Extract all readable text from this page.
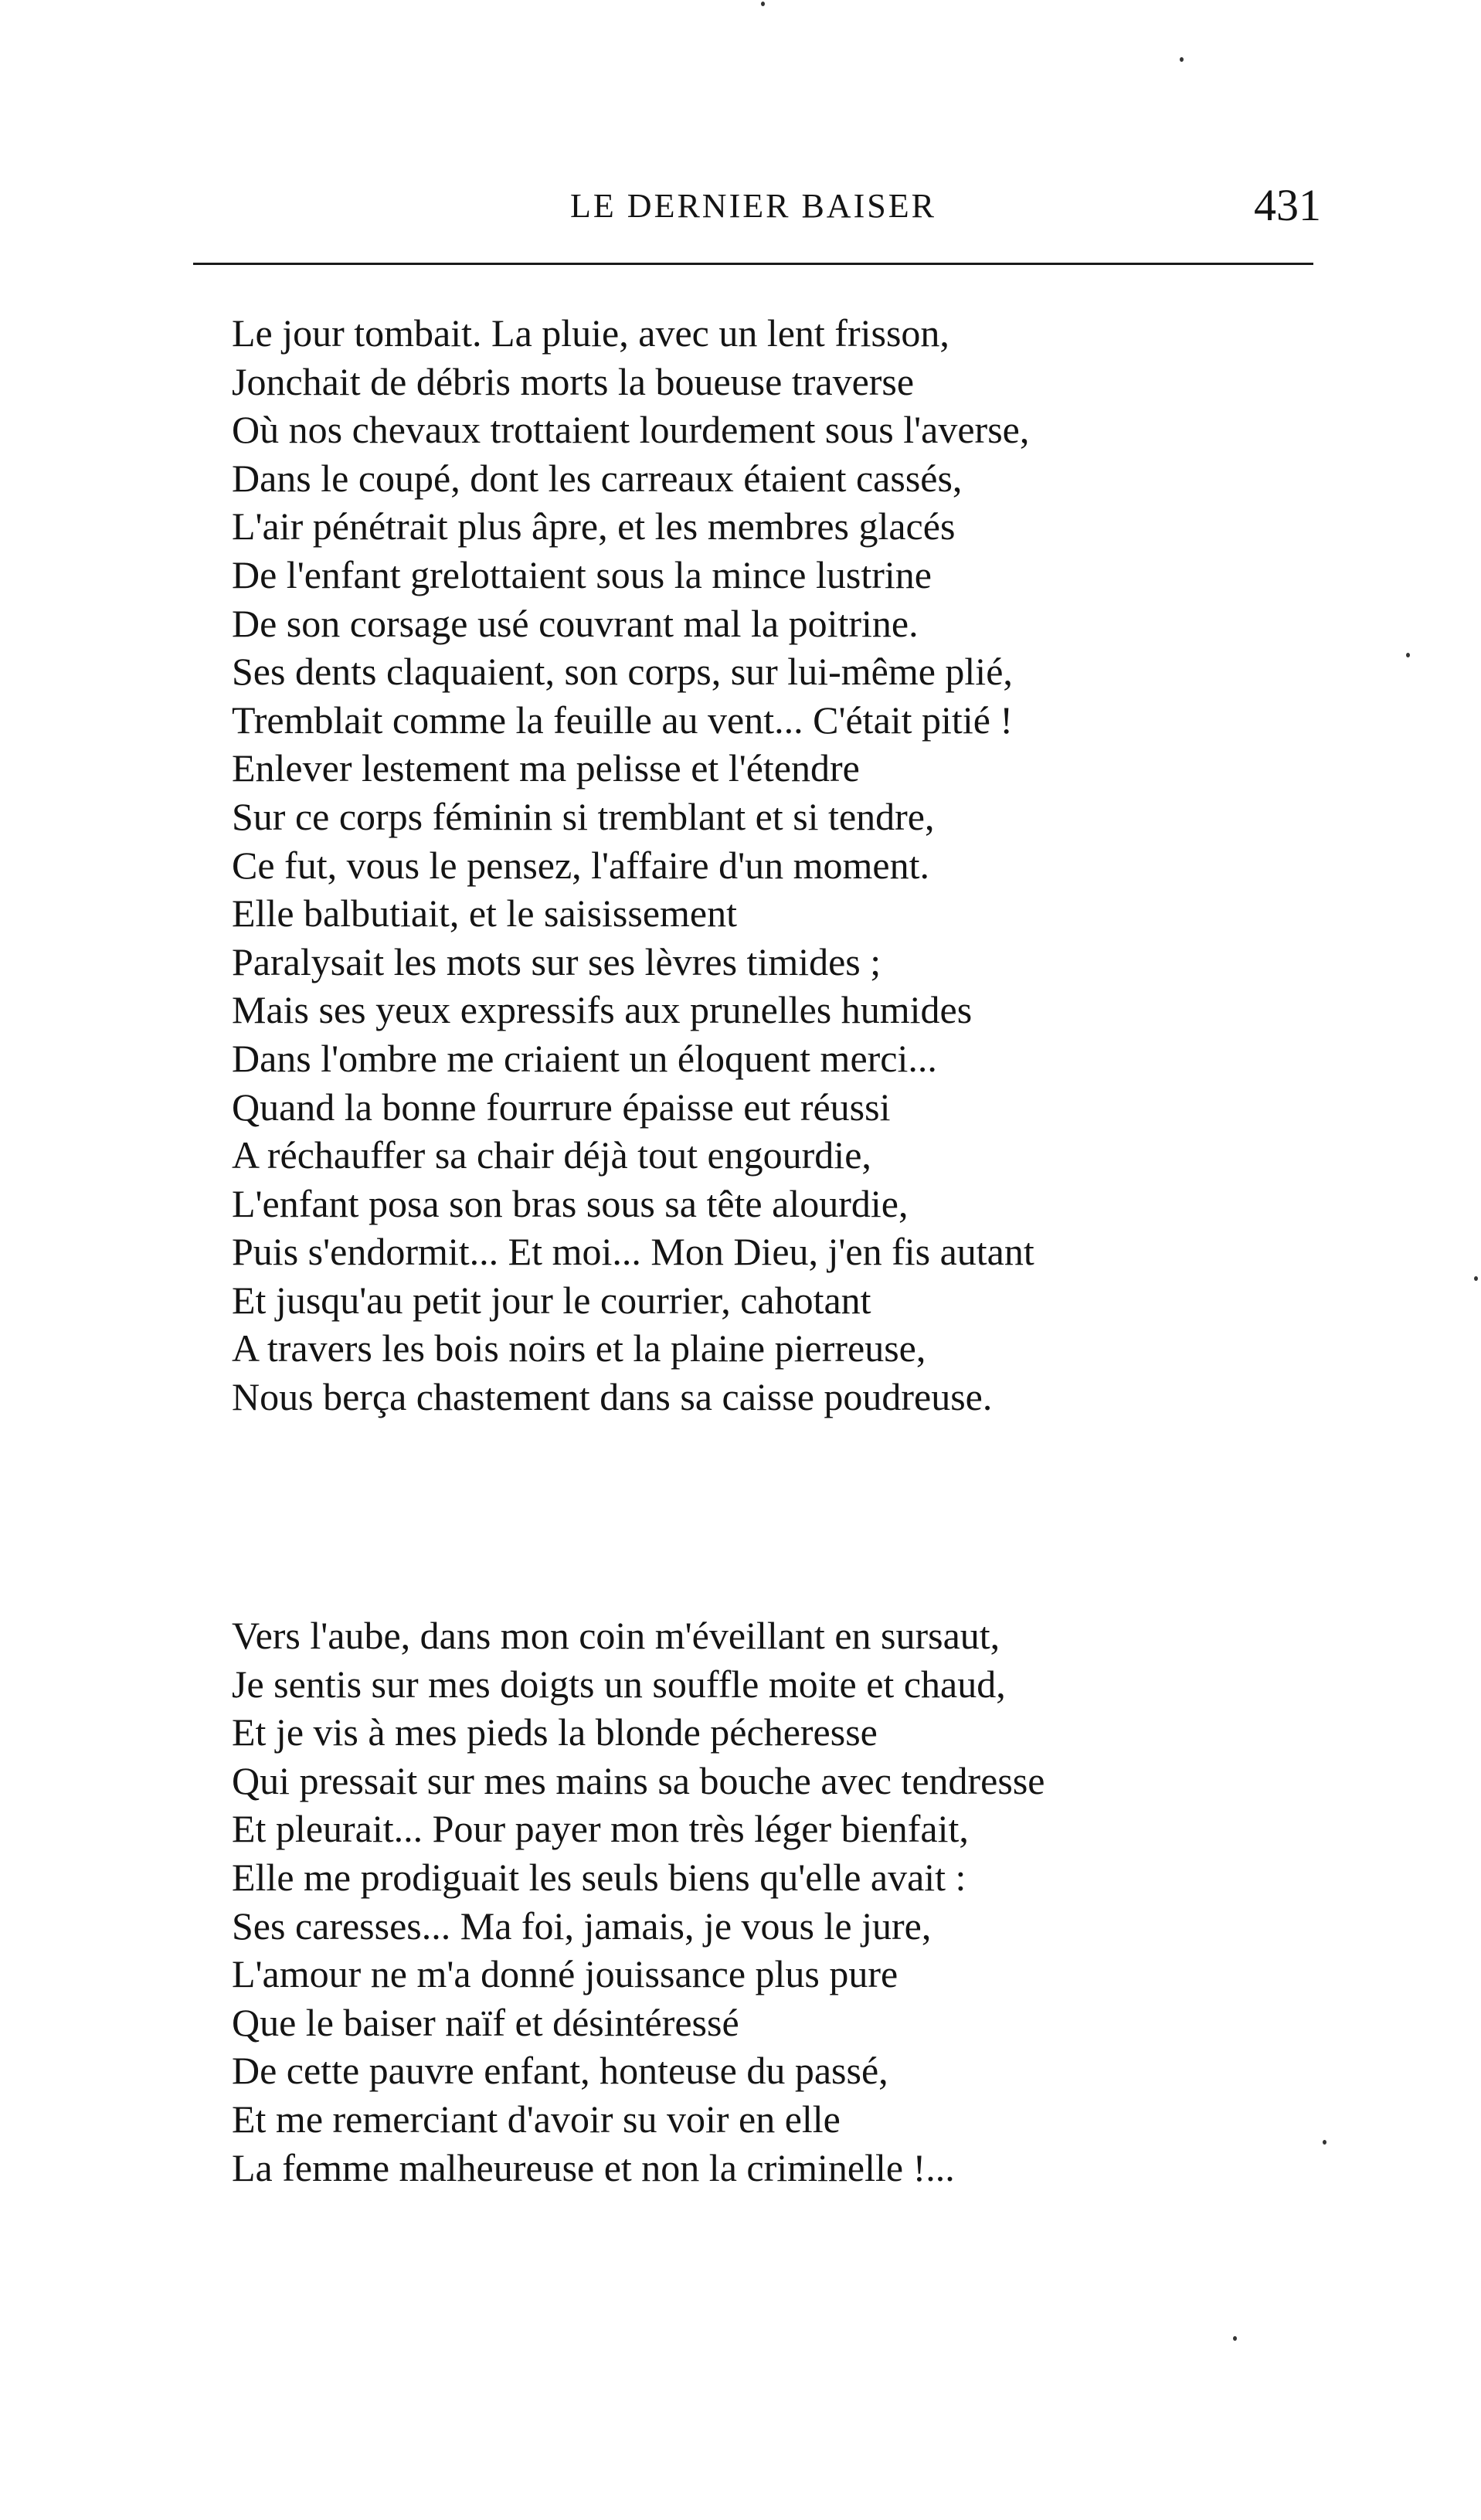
LE DERNIER BAISER	431
Le jour tombait. La pluie, avec un lent frisson,
Jonchait de débris morts la boueuse traverse
Où nos chevaux trottaient lourdement sous l'averse,
Dans le coupé, dont les carreaux étaient cassés,
L'air pénétrait plus âpre, et les membres glacés
De l'enfant grelottaient sous la mince lustrine
De son corsage usé couvrant mal la poitrine.
Ses dents claquaient, son corps, sur lui-même plié,
Tremblait comme la feuille au vent... C'était pitié !
Enlever lestement ma pelisse et l'étendre
Sur ce corps féminin si tremblant et si tendre,
Ce fut, vous le pensez, l'affaire d'un moment.
Elle balbutiait, et le saisissement
Paralysait les mots sur ses lèvres timides ;
Mais ses yeux expressifs aux prunelles humides
Dans l'ombre me criaient un éloquent merci...
Quand la bonne fourrure épaisse eut réussi
A réchauffer sa chair déjà tout engourdie,
L'enfant posa son bras sous sa tête alourdie,
Puis s'endormit... Et moi... Mon Dieu, j'en fis autant
Et jusqu'au petit jour le courrier, cahotant
A travers les bois noirs et la plaine pierreuse,
Nous berça chastement dans sa caisse poudreuse.
Vers l'aube, dans mon coin m'éveillant en sursaut,
Je sentis sur mes doigts un souffle moite et chaud,
Et je vis à mes pieds la blonde pécheresse
Qui pressait sur mes mains sa bouche avec tendresse
Et pleurait... Pour payer mon très léger bienfait,
Elle me prodiguait les seuls biens qu'elle avait :
Ses caresses... Ma foi, jamais, je vous le jure,
L'amour ne m'a donné jouissance plus pure
Que le baiser naïf et désintéressé
De cette pauvre enfant, honteuse du passé,
Et me remerciant d'avoir su voir en elle
La femme malheureuse et non la criminelle !...
